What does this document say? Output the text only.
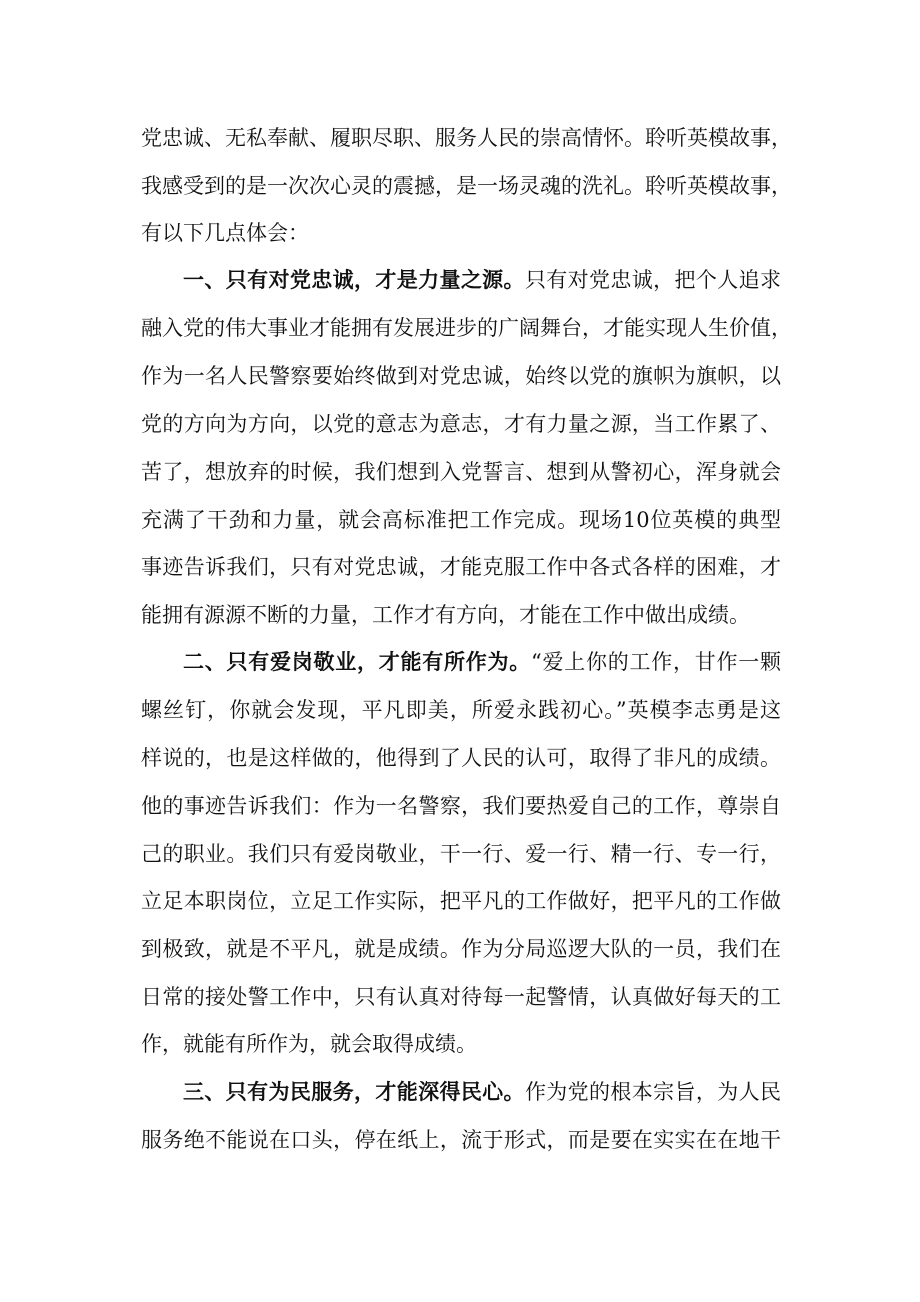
党忠诚、无私奉献、履职尽职、服务人民的崇高情怀。聆听英模故事，
我感受到的是一次次心灵的震撼，是一场灵魂的洗礼。聆听英模故事，
有以下几点体会：
一、只有对党忠诚，才是力量之源。只有对党忠诚，把个人追求
融入党的伟大事业才能拥有发展进步的广阔舞台，才能实现人生价值，
作为一名人民警察要始终做到对党忠诚，始终以党的旗帜为旗帜，以
党的方向为方向，以党的意志为意志，才有力量之源，当工作累了、
苦了，想放弃的时候，我们想到入党誓言、想到从警初心，浑身就会
充满了干劲和力量，就会高标准把工作完成。现场10位英模的典型
事迹告诉我们，只有对党忠诚，才能克服工作中各式各样的困难，才
能拥有源源不断的力量，工作才有方向，才能在工作中做出成绩。
二、只有爱岗敬业，才能有所作为。“爱上你的工作，甘作一颗
螺丝钉，你就会发现，平凡即美，所爱永践初心。”英模李志勇是这
样说的，也是这样做的，他得到了人民的认可，取得了非凡的成绩。
他的事迹告诉我们：作为一名警察，我们要热爱自己的工作，尊崇自
己的职业。我们只有爱岗敬业，干一行、爱一行、精一行、专一行，
立足本职岗位，立足工作实际，把平凡的工作做好，把平凡的工作做
到极致，就是不平凡，就是成绩。作为分局巡逻大队的一员，我们在
日常的接处警工作中，只有认真对待每一起警情，认真做好每天的工
作，就能有所作为，就会取得成绩。
三、只有为民服务，才能深得民心。作为党的根本宗旨，为人民
服务绝不能说在口头，停在纸上，流于形式，而是要在实实在在地干
